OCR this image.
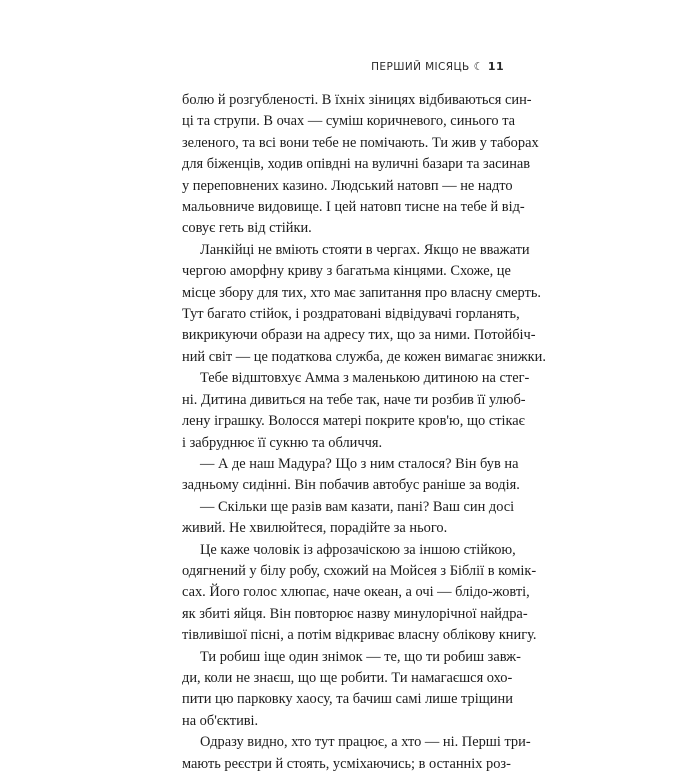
ПЕРШИЙ МІСЯЦЬ ☾ 11
болю й розгубленості. В їхніх зіницях відбиваються син-
ці та струпи. В очах — суміш коричневого, синього та
зеленого, та всі вони тебе не помічають. Ти жив у таборах
для біженців, ходив опівдні на вуличні базари та засинав
у переповнених казино. Людський натовп — не надто
мальовниче видовище. І цей натовп тисне на тебе й від-
совує геть від стійки.
Ланкійці не вміють стояти в чергах. Якщо не вважати
чергою аморфну криву з багатьма кінцями. Схоже, це
місце збору для тих, хто має запитання про власну смерть.
Тут багато стійок, і роздратовані відвідувачі горланять,
викрикуючи образи на адресу тих, що за ними. Потойбіч-
ний світ — це податкова служба, де кожен вимагає знижки.
Тебе відштовхує Амма з маленькою дитиною на стег-
ні. Дитина дивиться на тебе так, наче ти розбив її улюб-
лену іграшку. Волосся матері покрите кров'ю, що стікає
і забруднює її сукню та обличчя.
— А де наш Мадура? Що з ним сталося? Він був на
задньому сидінні. Він побачив автобус раніше за водія.
— Скільки ще разів вам казати, пані? Ваш син досі
живий. Не хвилюйтеся, порадійте за нього.
Це каже чоловік із афрозачіскою за іншою стійкою,
одягнений у білу робу, схожий на Мойсея з Біблії в комік-
сах. Його голос хлюпає, наче океан, а очі — блідо-жовті,
як збиті яйця. Він повторює назву минулорічної найдра-
тівливішої пісні, а потім відкриває власну облікову книгу.
Ти робиш іще один знімок — те, що ти робиш завж-
ди, коли не знаєш, що ще робити. Ти намагаєшся охо-
пити цю парковку хаосу, та бачиш самі лише тріщини
на об'єктиві.
Одразу видно, хто тут працює, а хто — ні. Перші три-
мають реєстри й стоять, усміхаючись; в останніх роз-
